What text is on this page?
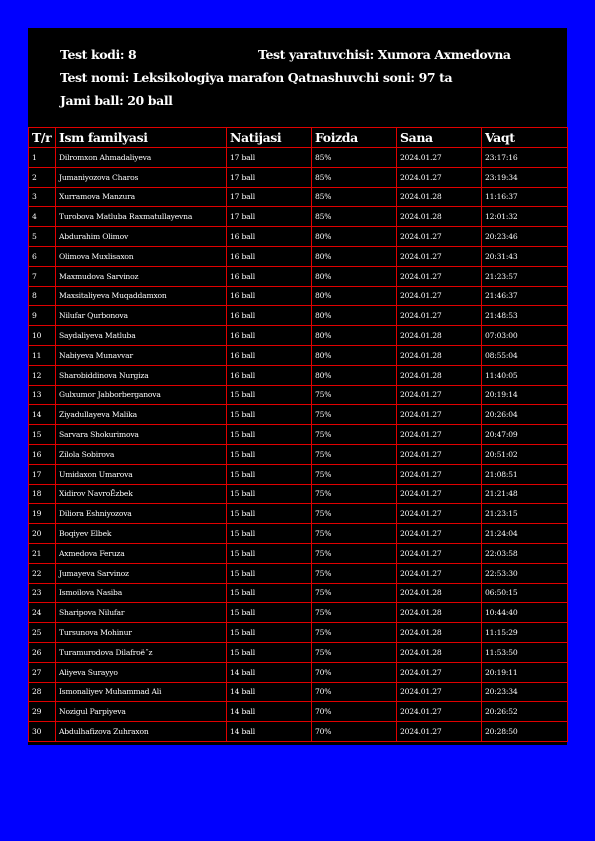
Test kodi: 8	Test yaratuvchisi: Xumora Axmedovna
Test nomi: Leksikologiya marafon Qatnashuvchi soni: 97 ta
Jami ball: 20 ball
T/r	Ism familyasi	Natijasi	Foizda	Sana	Vaqt
1	Dilromxon Ahmadaliyeva	17 ball	85%	2024.01.27	23:17:16
2	Jumaniyozova Charos	17 ball	85%	2024.01.27	23:19:34
3	Xurramova Manzura	17 ball	85%	2024.01.28	11:16:37
4	Turobova Matluba Raxmatullayevna	17 ball	85%	2024.01.28	12:01:32
5	Abdurahim Olimov	16 ball	80%	2024.01.27	20:23:46
6	Olimova Muxlisaxon	16 ball	80%	2024.01.27	20:31:43
7	Maxmudova Sarvinoz	16 ball	80%	2024.01.27	21:23:57
8	Maxsitaliyeva Muqaddamxon	16 ball	80%	2024.01.27	21:46:37
9	Nilufar Qurbonova	16 ball	80%	2024.01.27	21:48:53
10	Saydaliyeva Matluba	16 ball	80%	2024.01.28	07:03:00
11	Nabiyeva Munavvar	16 ball	80%	2024.01.28	08:55:04
12	Sharobiddinova Nurgiza	16 ball	80%	2024.01.28	11:40:05
13	Gulxumor Jabborberganova	15 ball	75%	2024.01.27	20:19:14
14	Ziyadullayeva Malika	15 ball	75%	2024.01.27	20:26:04
15	Sarvara Shokurimova	15 ball	75%	2024.01.27	20:47:09
16	Zilola Sobirova	15 ball	75%	2024.01.27	20:51:02
17	Umidaxon Umarova	15 ball	75%	2024.01.27	21:08:51
18	Xidirov NavroЁzbek	15 ball	75%	2024.01.27	21:21:48
19	Diliora Eshniyozova	15 ball	75%	2024.01.27	21:23:15
20	Boqiyev Elbek	15 ball	75%	2024.01.27	21:24:04
21	Axmedova Feruza	15 ball	75%	2024.01.27	22:03:58
22	Jumayeva Sarvinoz	15 ball	75%	2024.01.27	22:53:30
23	Ismoilova Nasiba	15 ball	75%	2024.01.28	06:50:15
24	Sharipova Nilufar	15 ball	75%	2024.01.28	10:44:40
25	Tursunova Mohinur	15 ball	75%	2024.01.28	11:15:29
26	Turamurodova Dilafroё˝z	15 ball	75%	2024.01.28	11:53:50
27	Aliyeva Surayyo	14 ball	70%	2024.01.27	20:19:11
28	Ismonaliyev Muhammad Ali	14 ball	70%	2024.01.27	20:23:34
29	Nozigul Parpiyeva	14 ball	70%	2024.01.27	20:26:52
30	Abdulhafizova Zuhraxon	14 ball	70%	2024.01.27	20:28:50
